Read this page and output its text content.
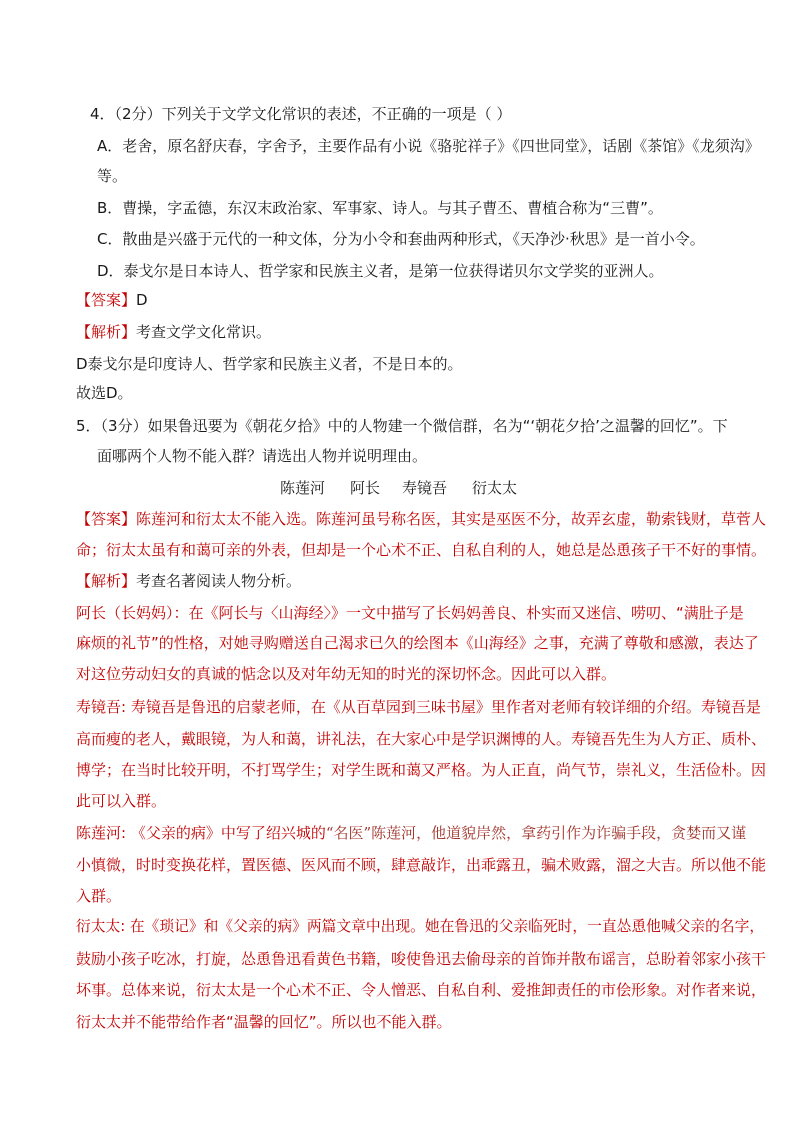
4．（2分）下列关于文学文化常识的表述，不正确的一项是（ ）
A．老舍，原名舒庆春，字舍予，主要作品有小说《骆驼祥子》《四世同堂》，话剧《茶馆》《龙须沟》
等。
B．曹操，字孟德，东汉末政治家、军事家、诗人。与其子曹丕、曹植合称为“三曹”。
C．散曲是兴盛于元代的一种文体，分为小令和套曲两种形式，《天净沙·秋思》是一首小令。
D．泰戈尔是日本诗人、哲学家和民族主义者，是第一位获得诺贝尔文学奖的亚洲人。
【答案】D
【解析】考查文学文化常识。
D泰戈尔是印度诗人、哲学家和民族主义者，不是日本的。
故选D。
5．（3分）如果鲁迅要为《朝花夕拾》中的人物建一个微信群，名为“‘朝花夕拾’之温馨的回忆”。下
面哪两个人物不能入群？请选出人物并说明理由。
陈莲河 阿长 寿镜吾 衍太太
【答案】陈莲河和衍太太不能入选。陈莲河虽号称名医，其实是巫医不分，故弄玄虚，勒索钱财，草菅人
命；衍太太虽有和蔼可亲的外表，但却是一个心术不正、自私自利的人，她总是怂恿孩子干不好的事情。
【解析】考查名著阅读人物分析。
阿长（长妈妈）：在《阿长与〈山海经〉》一文中描写了长妈妈善良、朴实而又迷信、唠叨、“满肚子是
麻烦的礼节”的性格，对她寻购赠送自己渴求已久的绘图本《山海经》之事，充满了尊敬和感激，表达了
对这位劳动妇女的真诚的惦念以及对年幼无知的时光的深切怀念。因此可以入群。
寿镜吾: 寿镜吾是鲁迅的启蒙老师，在《从百草园到三味书屋》里作者对老师有较详细的介绍。寿镜吾是
高而瘦的老人，戴眼镜，为人和蔼，讲礼法，在大家心中是学识渊博的人。寿镜吾先生为人方正、质朴、
博学；在当时比较开明，不打骂学生；对学生既和蔼又严格。为人正直，尚气节，崇礼义，生活俭朴。因
此可以入群。
陈莲河: 《父亲的病》中写了绍兴城的“名医”陈莲河，他道貌岸然，拿药引作为诈骗手段，贪婪而又谨
小慎微，时时变换花样，置医德、医风而不顾，肆意敲诈，出乖露丑，骗术败露，溜之大吉。所以他不能
入群。
衍太太: 在《琐记》和《父亲的病》两篇文章中出现。她在鲁迅的父亲临死时，一直怂恿他喊父亲的名字，
鼓励小孩子吃冰，打旋，怂恿鲁迅看黄色书籍，唆使鲁迅去偷母亲的首饰并散布谣言，总盼着邻家小孩干
坏事。总体来说，衍太太是一个心术不正、令人憎恶、自私自利、爱推卸责任的市侩形象。对作者来说，
衍太太并不能带给作者“温馨的回忆”。所以也不能入群。
